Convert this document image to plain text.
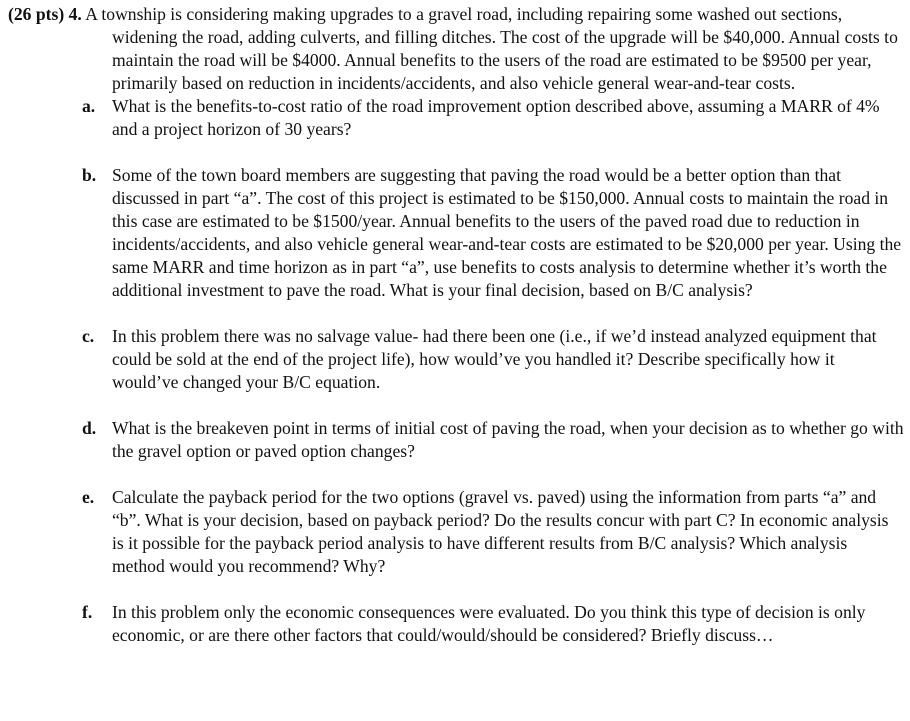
(26 pts) 4. A township is considering making upgrades to a gravel road, including repairing some washed out sections, widening the road, adding culverts, and filling ditches. The cost of the upgrade will be $40,000. Annual costs to maintain the road will be $4000. Annual benefits to the users of the road are estimated to be $9500 per year, primarily based on reduction in incidents/accidents, and also vehicle general wear-and-tear costs.

a. What is the benefits-to-cost ratio of the road improvement option described above, assuming a MARR of 4% and a project horizon of 30 years?
b. Some of the town board members are suggesting that paving the road would be a better option than that discussed in part “a”. The cost of this project is estimated to be $150,000. Annual costs to maintain the road in this case are estimated to be $1500/year. Annual benefits to the users of the paved road due to reduction in incidents/accidents, and also vehicle general wear-and-tear costs are estimated to be $20,000 per year. Using the same MARR and time horizon as in part “a”, use benefits to costs analysis to determine whether it’s worth the additional investment to pave the road. What is your final decision, based on B/C analysis?
c. In this problem there was no salvage value- had there been one (i.e., if we’d instead analyzed equipment that could be sold at the end of the project life), how would’ve you handled it? Describe specifically how it would’ve changed your B/C equation.
d. What is the breakeven point in terms of initial cost of paving the road, when your decision as to whether go with the gravel option or paved option changes?
e. Calculate the payback period for the two options (gravel vs. paved) using the information from parts “a” and “b”. What is your decision, based on payback period? Do the results concur with part C? In economic analysis is it possible for the payback period analysis to have different results from B/C analysis? Which analysis method would you recommend? Why?
f. In this problem only the economic consequences were evaluated. Do you think this type of decision is only economic, or are there other factors that could/would/should be considered? Briefly discuss…
